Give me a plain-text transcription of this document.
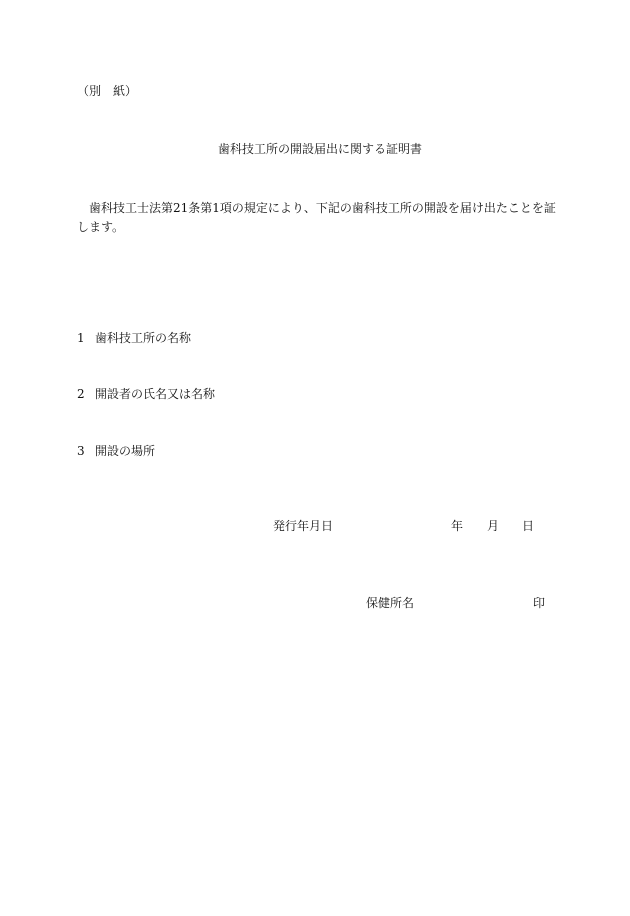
（別　紙）
歯科技工所の開設届出に関する証明書
歯科技工士法第21条第1項の規定により、下記の歯科技工所の開設を届け出たことを証します。
1 歯科技工所の名称
2 開設者の氏名又は名称
3 開設の場所
発行年月日	年 月 日
保健所名	印
